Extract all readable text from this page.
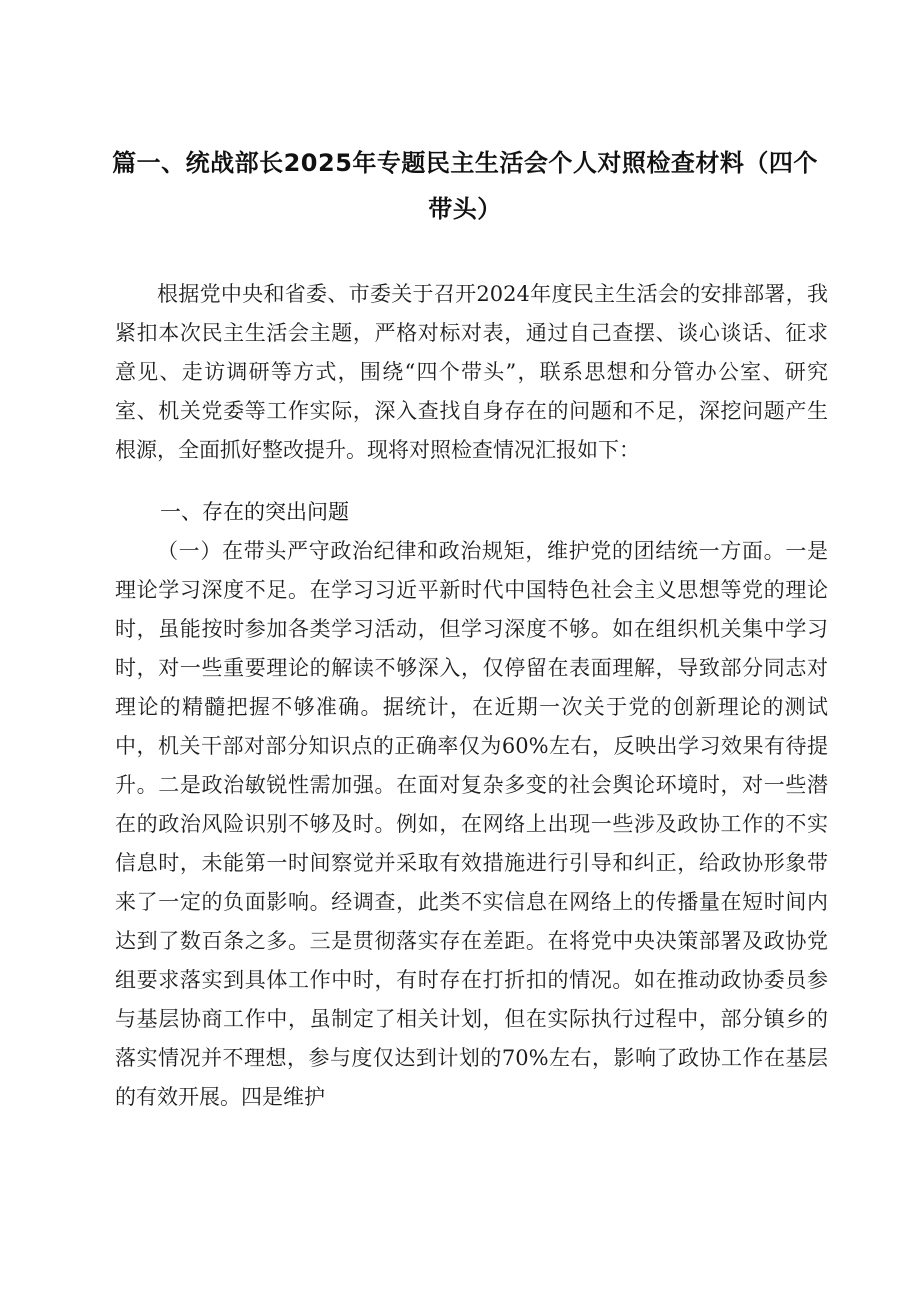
篇一、统战部长2025年专题民主生活会个人对照检查材料（四个带头）

根据党中央和省委、市委关于召开2024年度民主生活会的安排部署，我紧扣本次民主生活会主题，严格对标对表，通过自己查摆、谈心谈话、征求意见、走访调研等方式，围绕“四个带头”，联系思想和分管办公室、研究室、机关党委等工作实际，深入查找自身存在的问题和不足，深挖问题产生根源，全面抓好整改提升。现将对照检查情况汇报如下：

一、存在的突出问题

（一）在带头严守政治纪律和政治规矩，维护党的团结统一方面。一是理论学习深度不足。在学习习近平新时代中国特色社会主义思想等党的理论时，虽能按时参加各类学习活动，但学习深度不够。如在组织机关集中学习时，对一些重要理论的解读不够深入，仅停留在表面理解，导致部分同志对理论的精髓把握不够准确。据统计，在近期一次关于党的创新理论的测试中，机关干部对部分知识点的正确率仅为60%左右，反映出学习效果有待提升。二是政治敏锐性需加强。在面对复杂多变的社会舆论环境时，对一些潜在的政治风险识别不够及时。例如，在网络上出现一些涉及政协工作的不实信息时，未能第一时间察觉并采取有效措施进行引导和纠正，给政协形象带来了一定的负面影响。经调查，此类不实信息在网络上的传播量在短时间内达到了数百条之多。三是贯彻落实存在差距。在将党中央决策部署及政协党组要求落实到具体工作中时，有时存在打折扣的情况。如在推动政协委员参与基层协商工作中，虽制定了相关计划，但在实际执行过程中，部分镇乡的落实情况并不理想，参与度仅达到计划的70%左右，影响了政协工作在基层的有效开展。四是维护
